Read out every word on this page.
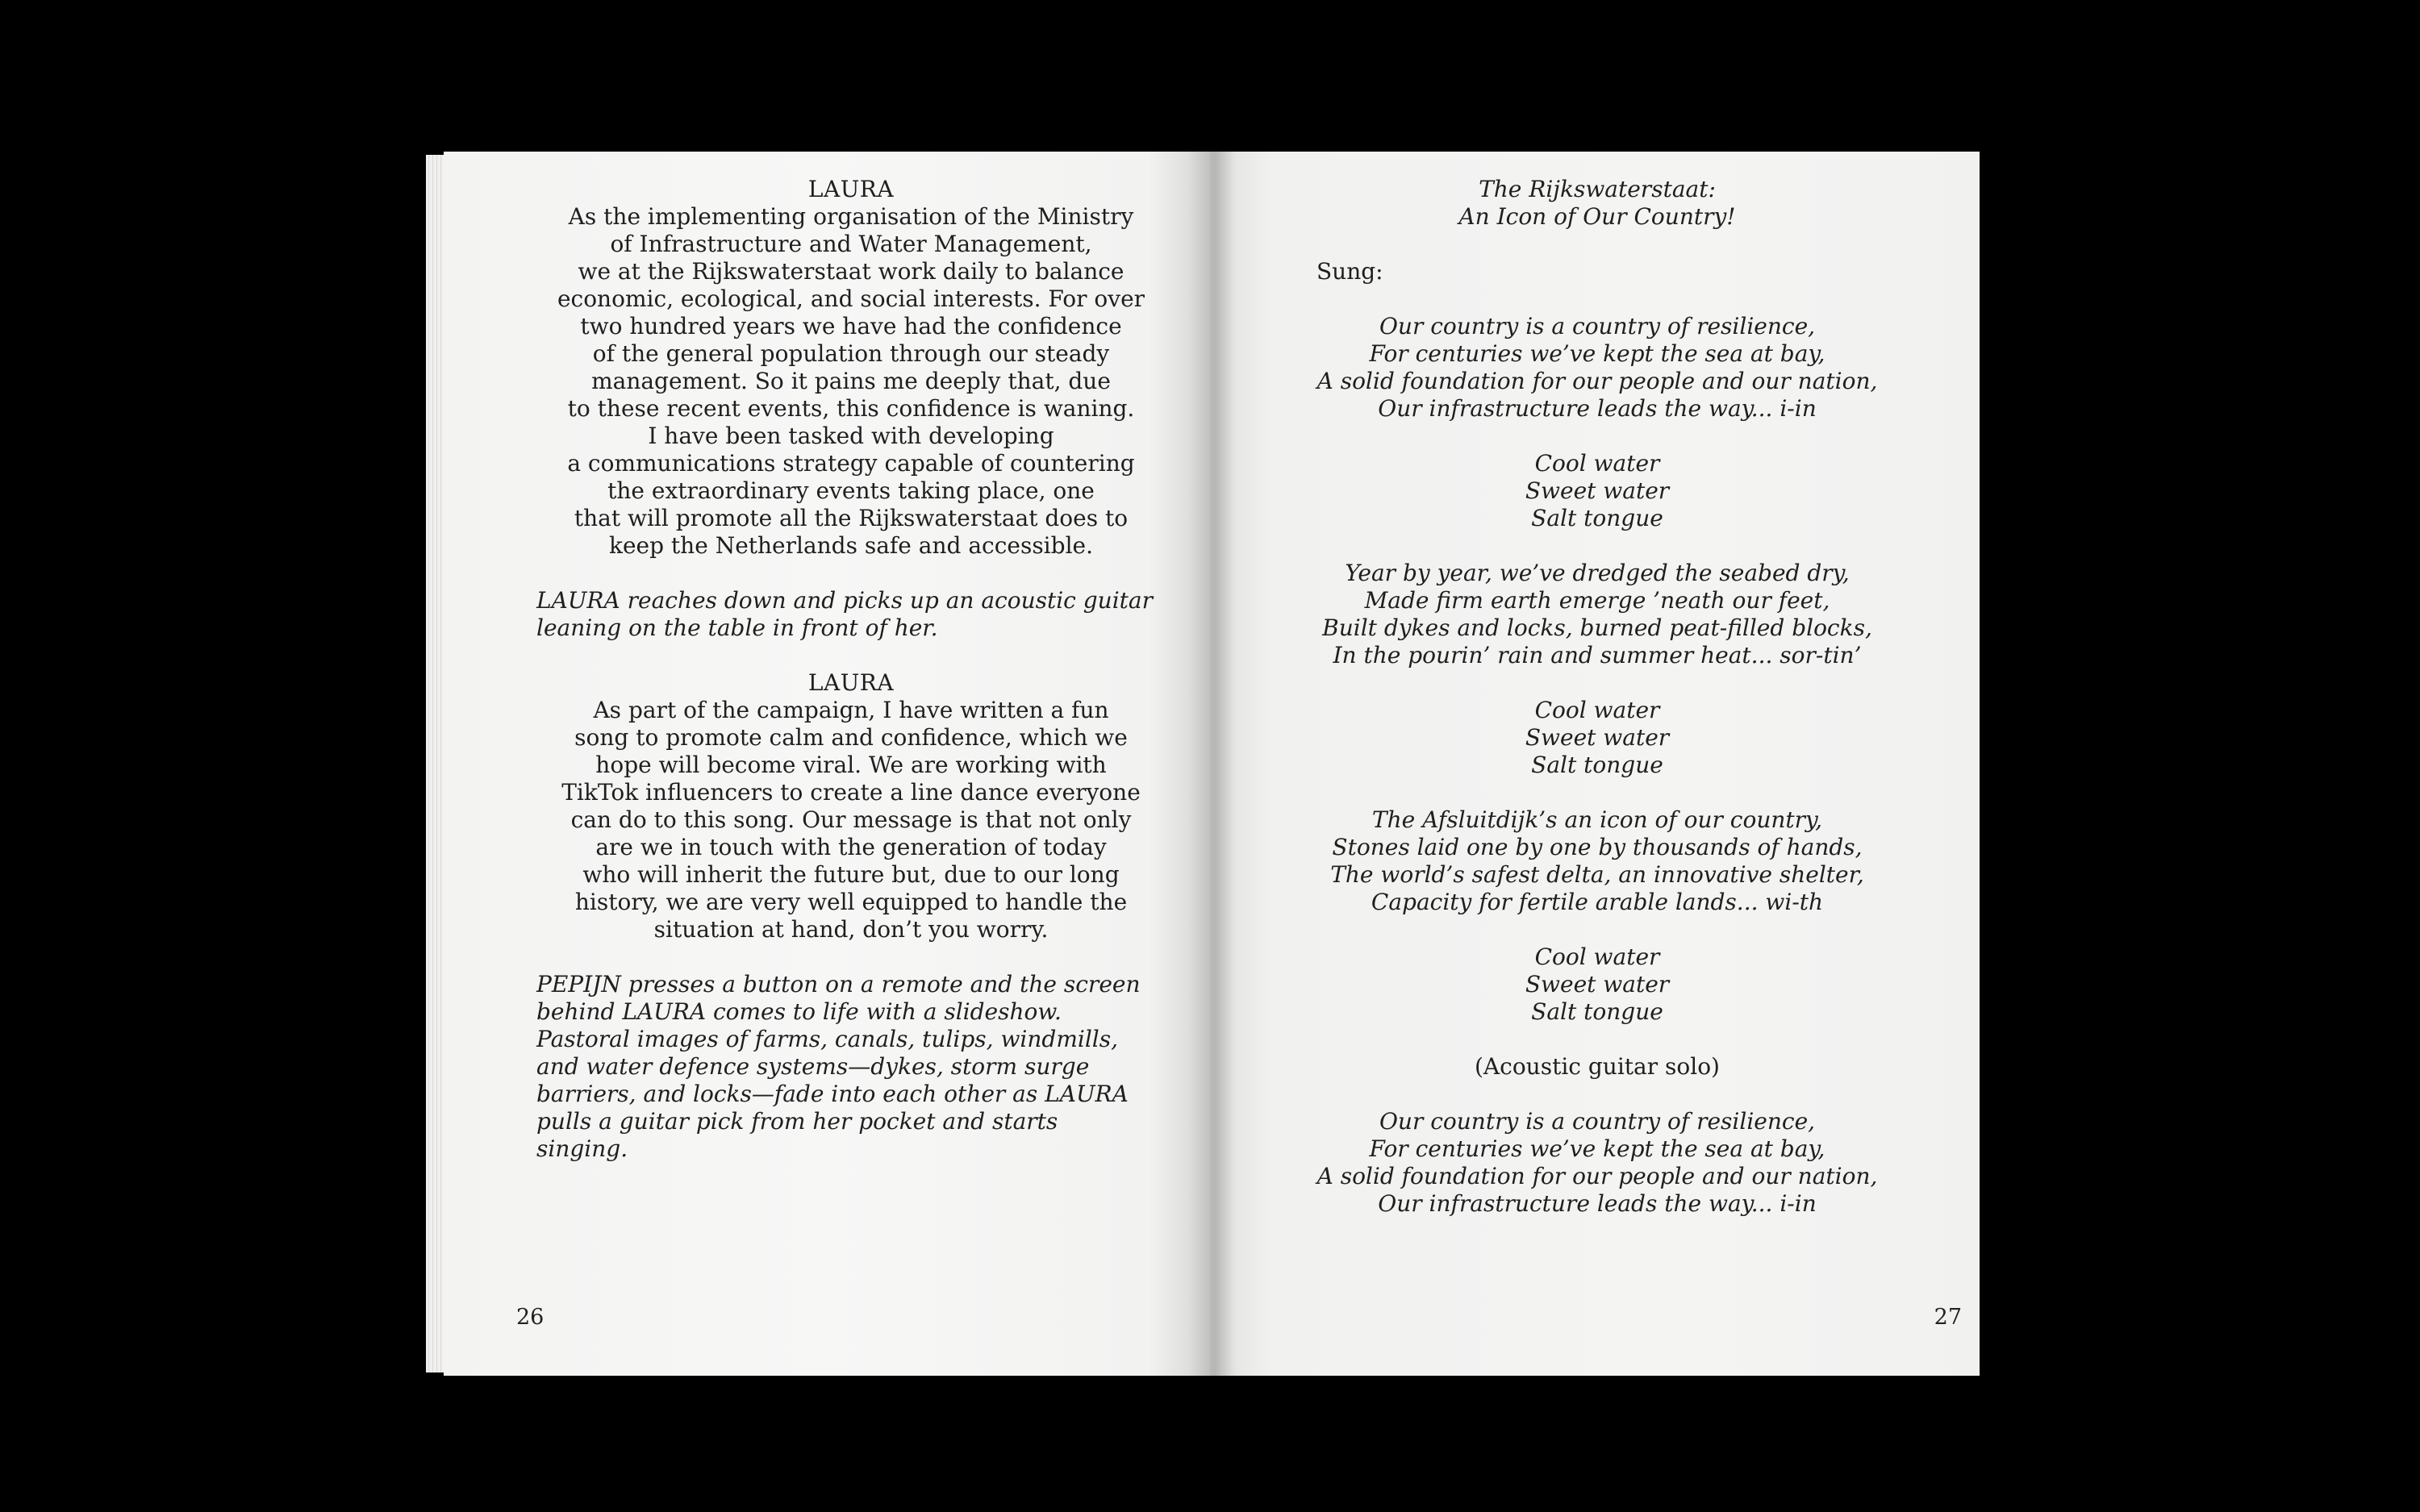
LAURA
As the implementing organisation of the Ministry
of Infrastructure and Water Management,
we at the Rijkswaterstaat work daily to balance
economic, ecological, and social interests. For over
two hundred years we have had the confidence
of the general population through our steady
management. So it pains me deeply that, due
to these recent events, this confidence is waning.
I have been tasked with developing
a communications strategy capable of countering
the extraordinary events taking place, one
that will promote all the Rijkswaterstaat does to
keep the Netherlands safe and accessible.
LAURA reaches down and picks up an acoustic guitar
leaning on the table in front of her.
LAURA
As part of the campaign, I have written a fun
song to promote calm and confidence, which we
hope will become viral. We are working with
TikTok influencers to create a line dance everyone
can do to this song. Our message is that not only
are we in touch with the generation of today
who will inherit the future but, due to our long
history, we are very well equipped to handle the
situation at hand, don’t you worry.
PEPIJN presses a button on a remote and the screen
behind LAURA comes to life with a slideshow.
Pastoral images of farms, canals, tulips, windmills,
and water defence systems—dykes, storm surge
barriers, and locks—fade into each other as LAURA
pulls a guitar pick from her pocket and starts
singing.
26
The Rijkswaterstaat:
An Icon of Our Country!
Sung:
Our country is a country of resilience,
For centuries we’ve kept the sea at bay,
A solid foundation for our people and our nation,
Our infrastructure leads the way... i-in
Cool water
Sweet water
Salt tongue
Year by year, we’ve dredged the seabed dry,
Made firm earth emerge ’neath our feet,
Built dykes and locks, burned peat-filled blocks,
In the pourin’ rain and summer heat... sor-tin’
Cool water
Sweet water
Salt tongue
The Afsluitdijk’s an icon of our country,
Stones laid one by one by thousands of hands,
The world’s safest delta, an innovative shelter,
Capacity for fertile arable lands... wi-th
Cool water
Sweet water
Salt tongue
(Acoustic guitar solo)
Our country is a country of resilience,
For centuries we’ve kept the sea at bay,
A solid foundation for our people and our nation,
Our infrastructure leads the way... i-in
27
